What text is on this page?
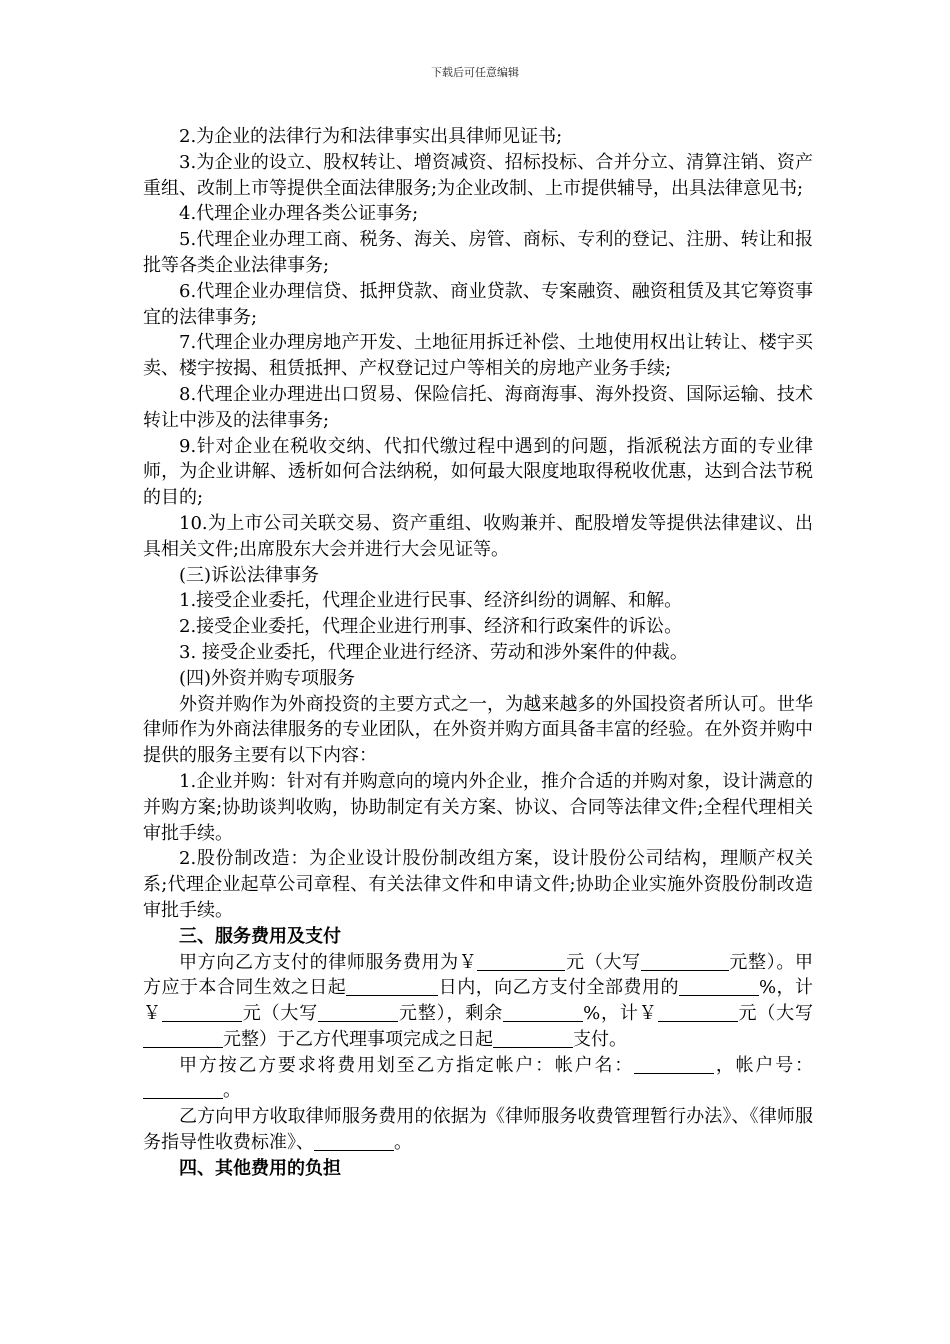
下载后可任意编辑

2.为企业的法律行为和法律事实出具律师见证书;

3.为企业的设立、股权转让、增资减资、招标投标、合并分立、清算注销、资产重组、改制上市等提供全面法律服务;为企业改制、上市提供辅导，出具法律意见书;

4.代理企业办理各类公证事务;

5.代理企业办理工商、税务、海关、房管、商标、专利的登记、注册、转让和报批等各类企业法律事务;

6.代理企业办理信贷、抵押贷款、商业贷款、专案融资、融资租赁及其它筹资事宜的法律事务;

7.代理企业办理房地产开发、土地征用拆迁补偿、土地使用权出让转让、楼宇买卖、楼宇按揭、租赁抵押、产权登记过户等相关的房地产业务手续;

8.代理企业办理进出口贸易、保险信托、海商海事、海外投资、国际运输、技术转让中涉及的法律事务;

9.针对企业在税收交纳、代扣代缴过程中遇到的问题，指派税法方面的专业律师，为企业讲解、透析如何合法纳税，如何最大限度地取得税收优惠，达到合法节税的目的;

10.为上市公司关联交易、资产重组、收购兼并、配股增发等提供法律建议、出具相关文件;出席股东大会并进行大会见证等。

(三)诉讼法律事务

1.接受企业委托，代理企业进行民事、经济纠纷的调解、和解。

2.接受企业委托，代理企业进行刑事、经济和行政案件的诉讼。

3. 接受企业委托，代理企业进行经济、劳动和涉外案件的仲裁。

(四)外资并购专项服务

外资并购作为外商投资的主要方式之一，为越来越多的外国投资者所认可。世华律师作为外商法律服务的专业团队，在外资并购方面具备丰富的经验。在外资并购中提供的服务主要有以下内容：

1.企业并购：针对有并购意向的境内外企业，推介合适的并购对象，设计满意的并购方案;协助谈判收购，协助制定有关方案、协议、合同等法律文件;全程代理相关审批手续。

2.股份制改造：为企业设计股份制改组方案，设计股份公司结构，理顺产权关系;代理企业起草公司章程、有关法律文件和申请文件;协助企业实施外资股份制改造审批手续。

三、服务费用及支付

甲方向乙方支付的律师服务费用为￥	元（大写	元整）。甲方应于本合同生效之日起	日内，向乙方支付全部费用的	%，计￥	元（大写	元整），剩余	%，计￥	元（大写元整）于乙方代理事项完成之日起	支付。

甲方按乙方要求将费用划至乙方指定帐户：帐户名：	，帐户号：。

乙方向甲方收取律师服务费用的依据为《律师服务收费管理暂行办法》、《律师服务指导性收费标准》、	。

四、其他费用的负担
